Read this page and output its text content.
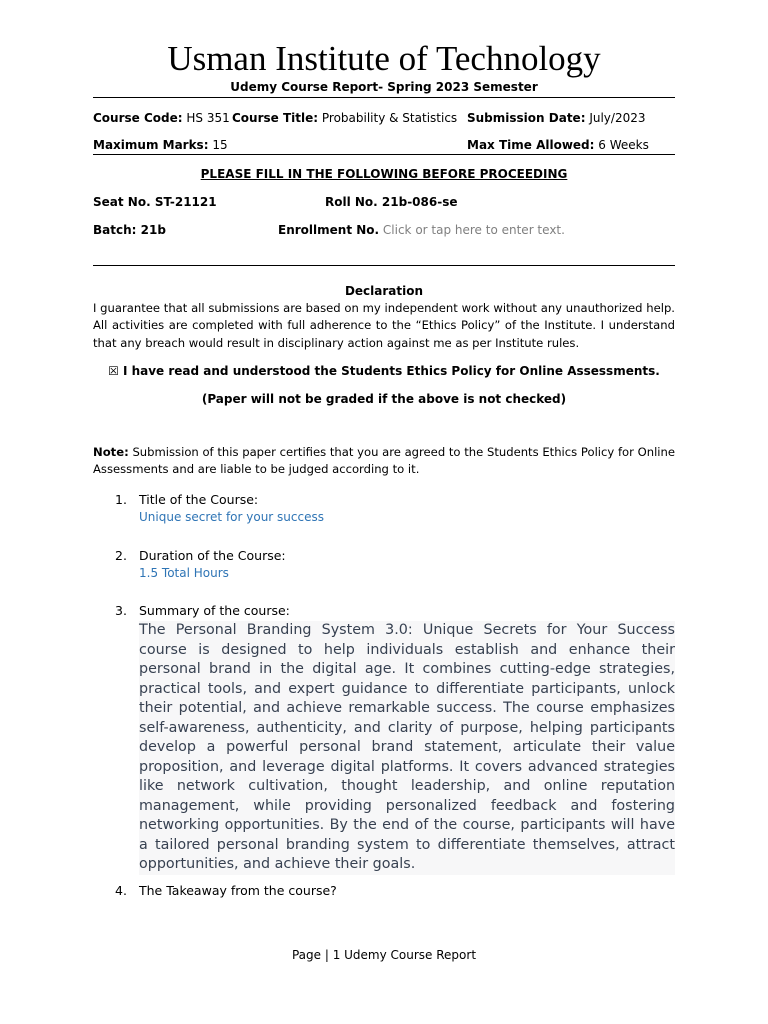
Usman Institute of Technology
Udemy Course Report- Spring 2023 Semester
Course Code: HS 351 Course Title: Probability & Statistics Submission Date: July/2023
Maximum Marks: 15	Max Time Allowed: 6 Weeks
PLEASE FILL IN THE FOLLOWING BEFORE PROCEEDING
Seat No. ST-21121	Roll No. 21b-086-se
Batch: 21b	Enrollment No. Click or tap here to enter text.
Declaration
I guarantee that all submissions are based on my independent work without any unauthorized help. All activities are completed with full adherence to the “Ethics Policy” of the Institute. I understand that any breach would result in disciplinary action against me as per Institute rules.
☒ I have read and understood the Students Ethics Policy for Online Assessments.
(Paper will not be graded if the above is not checked)
Note: Submission of this paper certifies that you are agreed to the Students Ethics Policy for Online Assessments and are liable to be judged according to it.
1. Title of the Course:
Unique secret for your success
2. Duration of the Course:
1.5 Total Hours
3. Summary of the course:
The Personal Branding System 3.0: Unique Secrets for Your Success course is designed to help individuals establish and enhance their personal brand in the digital age. It combines cutting-edge strategies, practical tools, and expert guidance to differentiate participants, unlock their potential, and achieve remarkable success. The course emphasizes self-awareness, authenticity, and clarity of purpose, helping participants develop a powerful personal brand statement, articulate their value proposition, and leverage digital platforms. It covers advanced strategies like network cultivation, thought leadership, and online reputation management, while providing personalized feedback and fostering networking opportunities. By the end of the course, participants will have a tailored personal branding system to differentiate themselves, attract opportunities, and achieve their goals.
4. The Takeaway from the course?
Page | 1 Udemy Course Report
